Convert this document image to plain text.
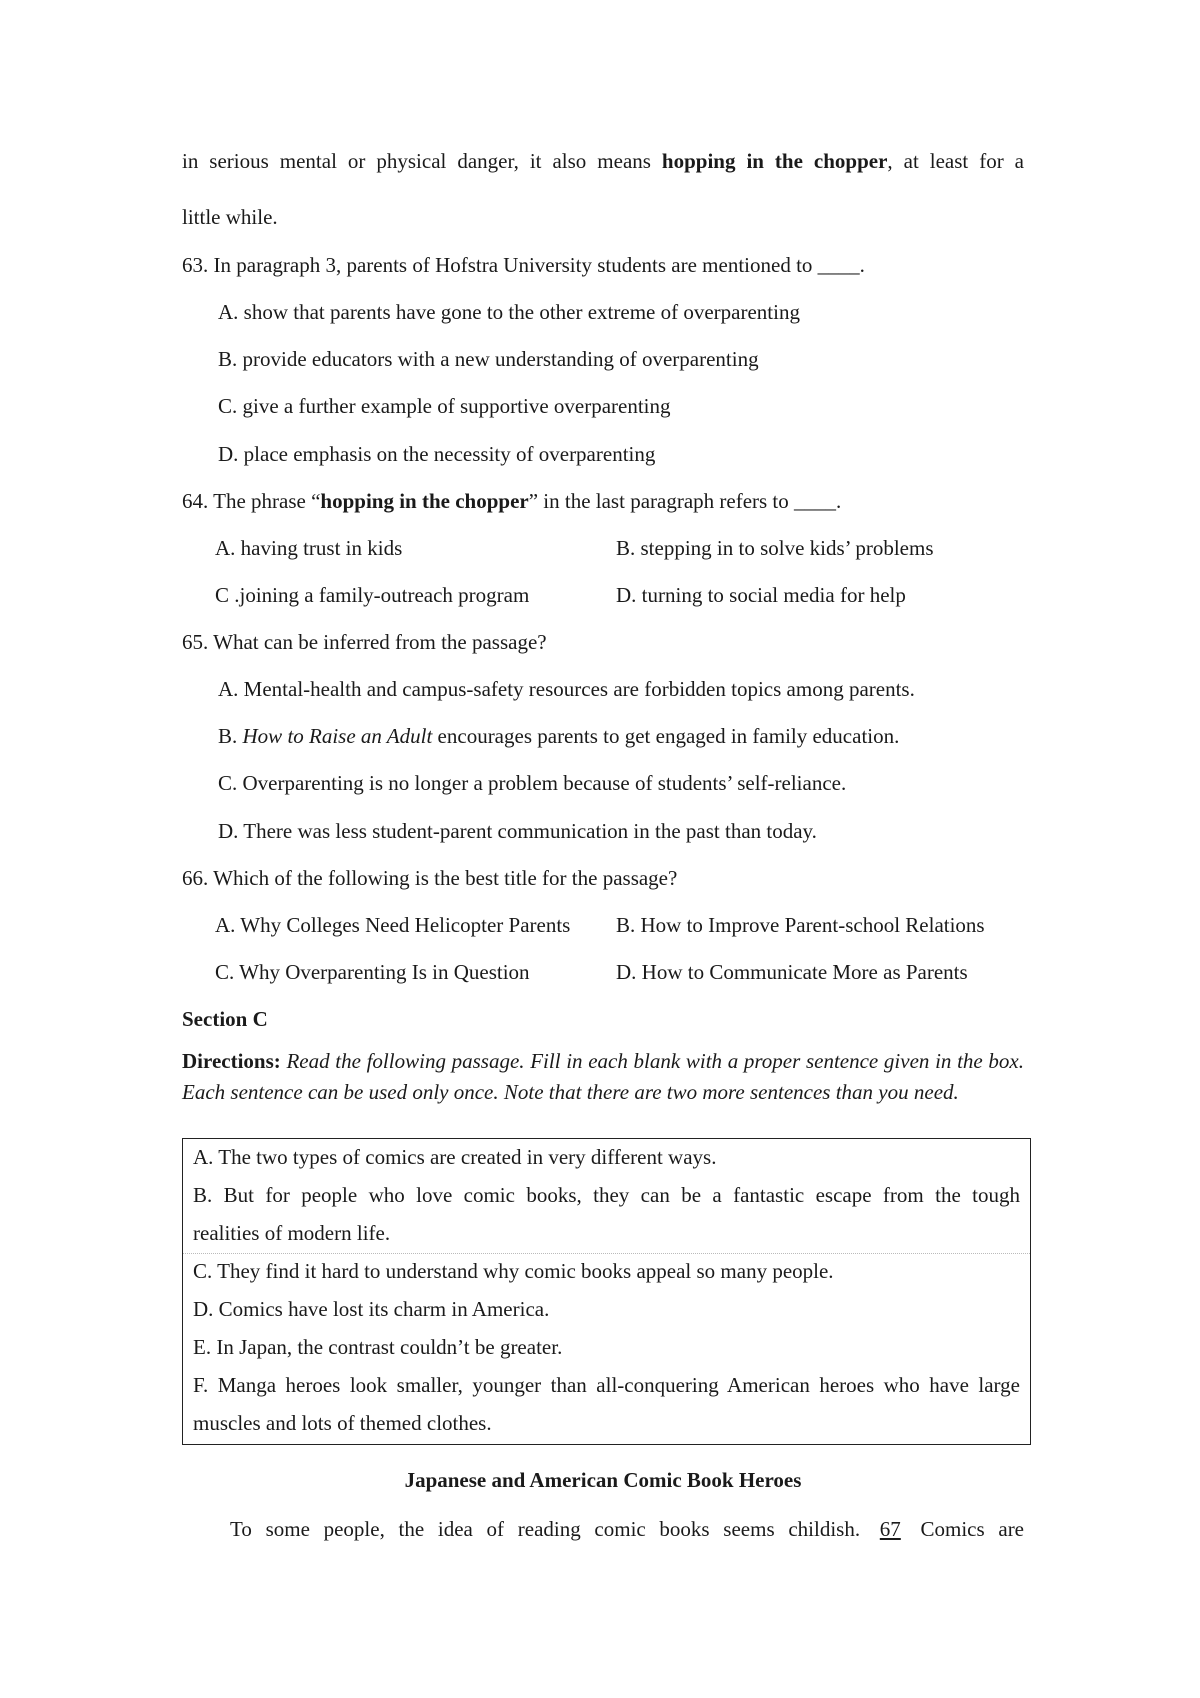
in serious mental or physical danger, it also means hopping in the chopper, at least for a
little while.
63. In paragraph 3, parents of Hofstra University students are mentioned to ____.
A. show that parents have gone to the other extreme of overparenting
B. provide educators with a new understanding of overparenting
C. give a further example of supportive overparenting
D. place emphasis on the necessity of overparenting
64. The phrase “hopping in the chopper” in the last paragraph refers to ____.
A. having trust in kids	B. stepping in to solve kids’ problems
C .joining a family-outreach program	D. turning to social media for help
65. What can be inferred from the passage?
A. Mental-health and campus-safety resources are forbidden topics among parents.
B. How to Raise an Adult encourages parents to get engaged in family education.
C. Overparenting is no longer a problem because of students’ self-reliance.
D. There was less student-parent communication in the past than today.
66. Which of the following is the best title for the passage?
A. Why Colleges Need Helicopter Parents B. How to Improve Parent-school Relations
C. Why Overparenting Is in Question	D. How to Communicate More as Parents
Section C
Directions: Read the following passage. Fill in each blank with a proper sentence given in the box. Each sentence can be used only once. Note that there are two more sentences than you need.
A. The two types of comics are created in very different ways.
B. But for people who love comic books, they can be a fantastic escape from the tough
realities of modern life.
C. They find it hard to understand why comic books appeal so many people.
D. Comics have lost its charm in America.
E. In Japan, the contrast couldn’t be greater.
F. Manga heroes look smaller, younger than all-conquering American heroes who have large
muscles and lots of themed clothes.
Japanese and American Comic Book Heroes
To some people, the idea of reading comic books seems childish. 67 Comics are
